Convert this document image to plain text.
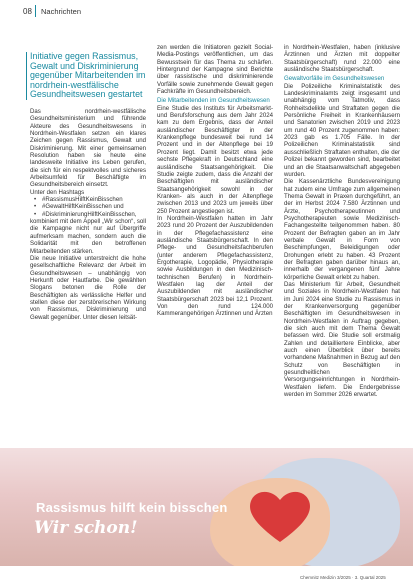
08 Nachrichten

Initiative gegen Rassismus, Gewalt und Diskriminierung gegenüber Mitarbeitenden im nordrhein-westfälische Gesundheitswesen gestartet

Das nordrhein-westfälische Gesundheitsministerium und führende Akteure des Gesundheitswesens in Nordrhein-Westfalen setzen ein klares Zeichen gegen Rassismus, Gewalt und Diskriminierung. Mit einer gemeinsamen Resolution haben sie heute eine landesweite Initiative ins Leben gerufen, die sich für ein respektvolles und sicheres Arbeitsumfeld für Beschäftigte im Gesundheitsbereich einsetzt.

Unter den Hashtags

• #RassismusHilftKeinBisschen
• #GewaltHilftKeinBisschen und
• #DiskriminierungHilftKeinBisschen,

kombiniert mit dem Appell „Wir schon“, soll die Kampagne nicht nur auf Übergriffe aufmerksam machen, sondern auch die Solidarität mit den betroffenen Mitarbeitenden stärken.

Die neue Initiative unterstreicht die hohe gesellschaftliche Relevanz der Arbeit im Gesundheitswesen – unabhängig von Herkunft oder Hautfarbe. Die gewählten Slogans betonen die Rolle der Beschäftigten als verlässliche Helfer und stellen diese der zerstörerischen Wirkung von Rassismus, Diskriminierung und Gewalt gegenüber. Unter diesen leitsät-

zen werden die Initiatoren gezielt Social-Media-Postings veröffentlichen, um das Bewusstsein für das Thema zu schärfen. Hintergrund der Kampagne sind Berichte über rassistische und diskriminierende Vorfälle sowie zunehmende Gewalt gegen Fachkräfte im Gesundheitsbereich.

Die Mitarbeitenden im Gesundheitswesen

Eine Studie des Instituts für Arbeitsmarkt- und Berufsforschung aus dem Jahr 2024 kam zu dem Ergebnis, dass der Anteil ausländischer Beschäftigter in der Krankenpflege bundesweit bei rund 14 Prozent und in der Altenpflege bei 19 Prozent liegt. Damit besitzt etwa jede sechste Pflegekraft in Deutschland eine ausländische Staatsangehörigkeit. Die Studie zeigte zudem, dass die Anzahl der Beschäftigten mit ausländischer Staatsangehörigkeit sowohl in der Kranken- als auch in der Altenpflege zwischen 2013 und 2023 um jeweils über 250 Prozent angestiegen ist.

In Nordrhein-Westfalen hatten im Jahr 2023 rund 20 Prozent der Auszubildenden in der Pflegefachassistenz eine ausländische Staatsbürgerschaft. In den Pflege- und Gesundheitsfachberufen (unter anderem Pflegefachassistenz, Ergotherapie, Logopädie, Physiotherapie sowie Ausbildungen in den Medizinisch-technischen Berufen) in Nordrhein-Westfalen lag der Anteil der Auszubildenden mit ausländischer Staatsbürgerschaft 2023 bei 12,1 Prozent. Von den rund 124.000 Kammerangehörigen Ärztinnen und Ärzten

in Nordrhein-Westfalen, haben (inklusive Ärztinnen und Ärzten mit doppelter Staatsbürgerschaft) rund 22.000 eine ausländische Staatsbürgerschaft.

Gewaltvorfälle im Gesundheitswesen

Die Polizeiliche Kriminalstatistik des Landeskriminalamts zeigt insgesamt und unabhängig vom Tatmotiv, dass Rohheitsdelikte und Straftaten gegen die Persönliche Freiheit in Krankenhäusern und Sanatorien zwischen 2019 und 2023 um rund 40 Prozent zugenommen haben: 2023 gab es 1.705 Fälle. In der Polizeilichen Kriminalstatistik sind ausschließlich Straftaten enthalten, die der Polizei bekannt geworden sind, bearbeitet und an die Staatsanwaltschaft abgegeben wurden.

Die Kassenärztliche Bundesvereinigung hat zudem eine Umfrage zum allgemeinen Thema Gewalt in Praxen durchgeführt, an der im Herbst 2024 7.580 Ärztinnen und Ärzte, Psychotherapeutinnen und Psychotherapeuten sowie Medizinisch- Fachangestellte teilgenommen haben. 80 Prozent der Befragten gaben an im Jahr verbale Gewalt in Form von Beschimpfungen, Beleidigungen oder Drohungen erlebt zu haben. 43 Prozent der Befragten gaben darüber hinaus an, innerhalb der vergangenen fünf Jahre körperliche Gewalt erlebt zu haben.

Das Ministerium für Arbeit, Gesundheit und Soziales in Nordrhein-Westfalen hat im Juni 2024 eine Studie zu Rassismus in der Krankenversorgung gegenüber Beschäftigten im Gesundheitswesen in Nordrhein-Westfalen in Auftrag gegeben, die sich auch mit dem Thema Gewalt befassen wird. Die Studie soll erstmalig Zahlen und detailliertere Einblicke, aber auch einen Überblick über bereits vorhandene Maßnahmen in Bezug auf den Schutz von Beschäftigten in gesundheitlichen Versorgungseinrichtungen in Nordrhein-Westfalen liefern. Die Endergebnisse werden im Sommer 2026 erwartet.

Rassismus hilft kein bisschen
Wir schon!
Chemnitz Medizin 3/2025 · 3. Quartal 2025
